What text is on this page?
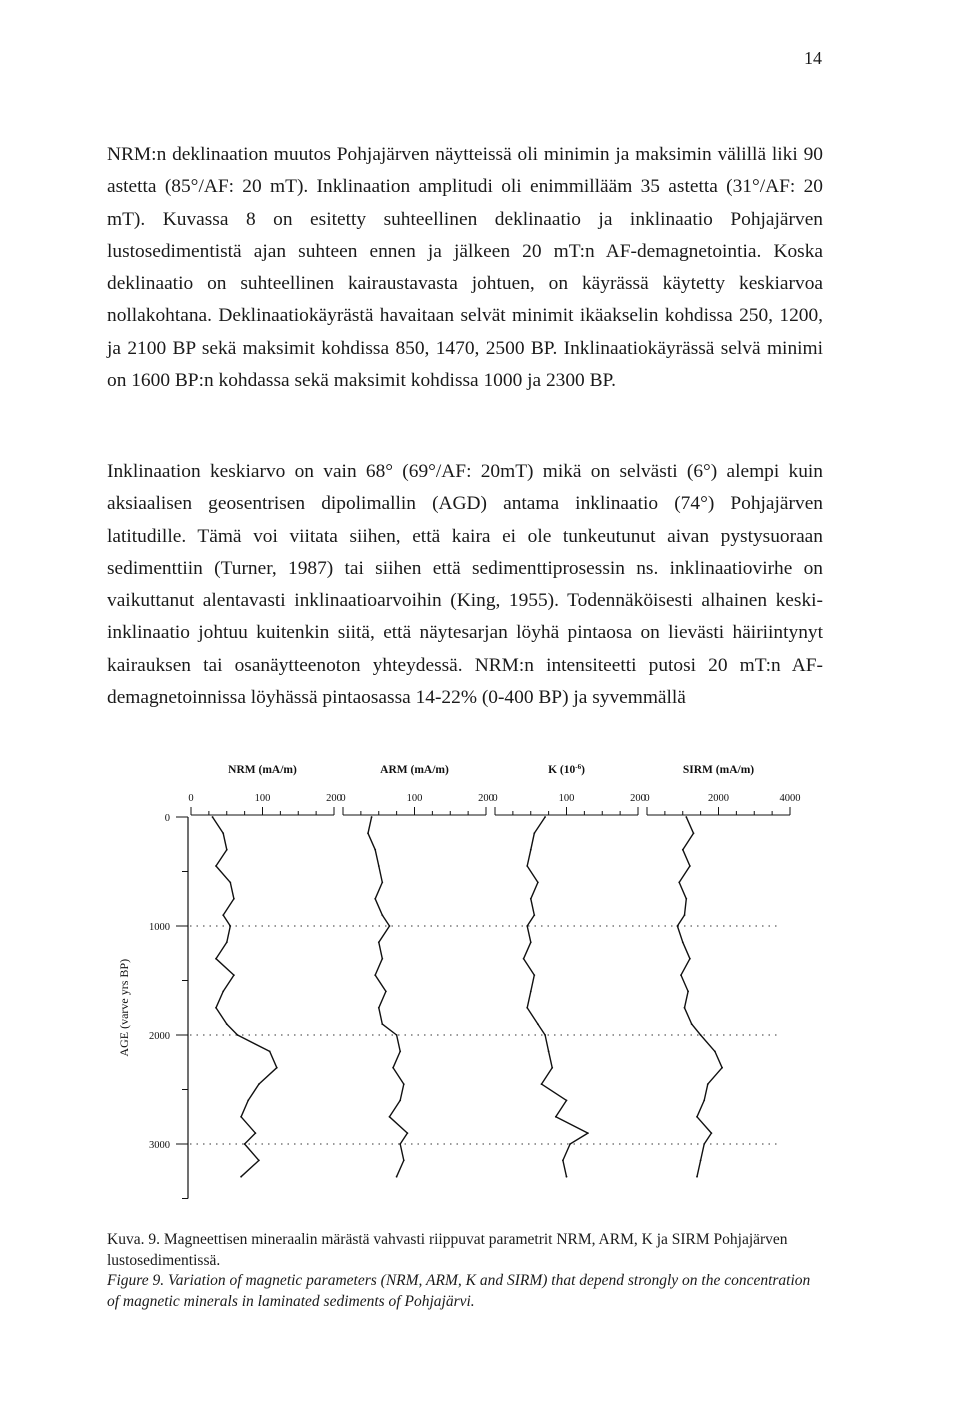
14

NRM:n deklinaation muutos Pohjajärven näytteissä oli minimin ja maksimin välillä liki 90 astetta (85°/AF: 20 mT). Inklinaation amplitudi oli enimmillääm 35 astetta (31°/AF: 20 mT). Kuvassa 8 on esitetty suhteellinen deklinaatio ja inklinaatio Pohjajärven lustosedimentistä ajan suhteen ennen ja jälkeen 20 mT:n AF-demagnetointia. Koska deklinaatio on suhteellinen kairaustavasta johtuen, on käyrässä käytetty keskiarvoa nollakohtana. Deklinaatiokäyrästä havaitaan selvät minimit ikäakselin kohdissa 250, 1200, ja 2100 BP sekä maksimit kohdissa 850, 1470, 2500 BP. Inklinaatiokäyrässä selvä minimi on 1600 BP:n kohdassa sekä maksimit kohdissa 1000 ja 2300 BP.

Inklinaation keskiarvo on vain 68° (69°/AF: 20mT) mikä on selvästi (6°) alempi kuin aksiaalisen geosentrisen dipolimallin (AGD) antama inklinaatio (74°) Pohjajärven latitudille. Tämä voi viitata siihen, että kaira ei ole tunkeutunut aivan pystysuoraan sedimenttiin (Turner, 1987) tai siihen että sedimenttiprosessin ns. inklinaatiovirhe on vaikuttanut alentavasti inklinaatioarvoihin (King, 1955). Todennäköisesti alhainen keski-inklinaatio johtuu kuitenkin siitä, että näytesarjan löyhä pintaosa on lievästi häiriintynyt kairauksen tai osanäytteenoton yhteydessä. NRM:n intensiteetti putosi 20 mT:n AF-demagnetoinnissa löyhässä pintaosassa 14-22% (0-400 BP) ja syvemmällä

AGE (varve yrs BP)
0
1000
2000
3000
NRM (mA/m)
0	100	200
ARM (mA/m)
0	100	200
K $(10^{-6})$
0	100	200
SIRM (mA/m)
0	2000	4000

Kuva. 9. Magneettisen mineraalin märästä vahvasti riippuvat parametrit NRM, ARM, K ja SIRM Pohjajärven lustosedimentissä.
Figure 9. Variation of magnetic parameters (NRM, ARM, K and SIRM) that depend strongly on the concentration of magnetic minerals in laminated sediments of Pohjajärvi.
